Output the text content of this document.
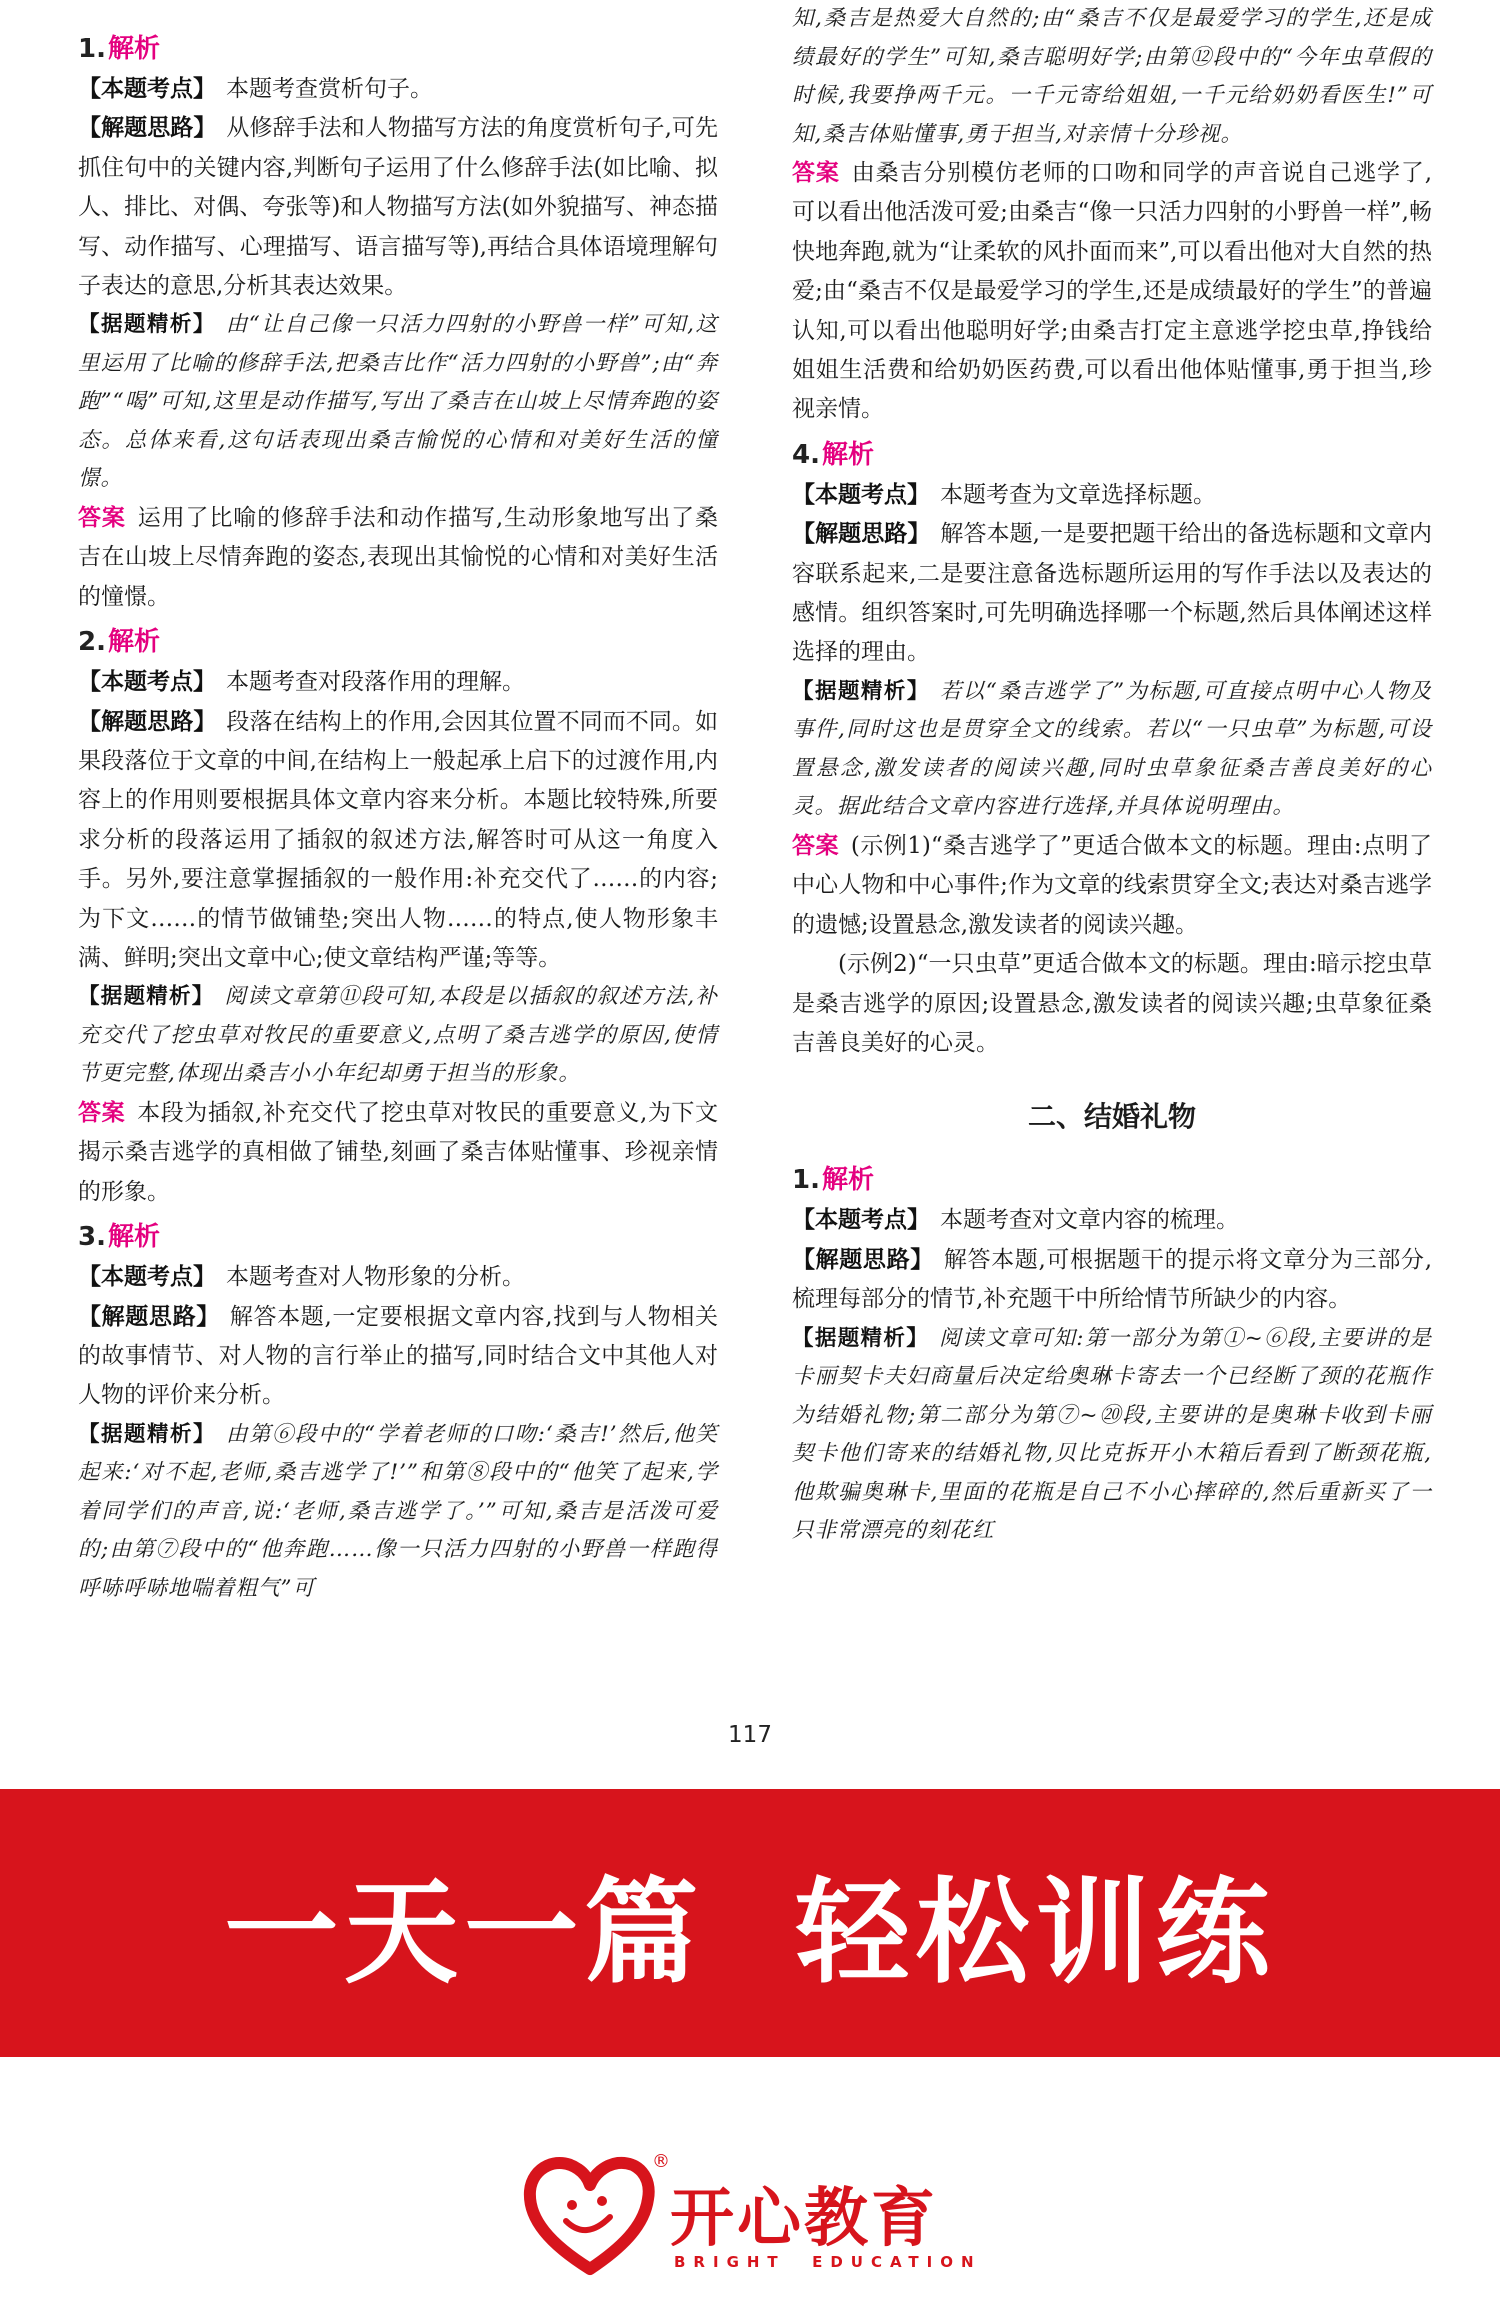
1.解析

【本题考点】 本题考查赏析句子。

【解题思路】 从修辞手法和人物描写方法的角度赏析句子,可先抓住句中的关键内容,判断句子运用了什么修辞手法(如比喻、拟人、排比、对偶、夸张等)和人物描写方法(如外貌描写、神态描写、动作描写、心理描写、语言描写等),再结合具体语境理解句子表达的意思,分析其表达效果。

【据题精析】 由“让自己像一只活力四射的小野兽一样”可知,这里运用了比喻的修辞手法,把桑吉比作“活力四射的小野兽”;由“奔跑”“喝”可知,这里是动作描写,写出了桑吉在山坡上尽情奔跑的姿态。总体来看,这句话表现出桑吉愉悦的心情和对美好生活的憧憬。

答案 运用了比喻的修辞手法和动作描写,生动形象地写出了桑吉在山坡上尽情奔跑的姿态,表现出其愉悦的心情和对美好生活的憧憬。

2.解析

【本题考点】 本题考查对段落作用的理解。

【解题思路】 段落在结构上的作用,会因其位置不同而不同。如果段落位于文章的中间,在结构上一般起承上启下的过渡作用,内容上的作用则要根据具体文章内容来分析。本题比较特殊,所要求分析的段落运用了插叙的叙述方法,解答时可从这一角度入手。另外,要注意掌握插叙的一般作用:补充交代了……的内容;为下文……的情节做铺垫;突出人物……的特点,使人物形象丰满、鲜明;突出文章中心;使文章结构严谨;等等。

【据题精析】 阅读文章第⑪段可知,本段是以插叙的叙述方法,补充交代了挖虫草对牧民的重要意义,点明了桑吉逃学的原因,使情节更完整,体现出桑吉小小年纪却勇于担当的形象。

答案 本段为插叙,补充交代了挖虫草对牧民的重要意义,为下文揭示桑吉逃学的真相做了铺垫,刻画了桑吉体贴懂事、珍视亲情的形象。

3.解析

【本题考点】 本题考查对人物形象的分析。

【解题思路】 解答本题,一定要根据文章内容,找到与人物相关的故事情节、对人物的言行举止的描写,同时结合文中其他人对人物的评价来分析。

【据题精析】 由第⑥段中的“学着老师的口吻:‘桑吉!’然后,他笑起来:‘对不起,老师,桑吉逃学了!’”和第⑧段中的“他笑了起来,学着同学们的声音,说:‘老师,桑吉逃学了。’”可知,桑吉是活泼可爱的;由第⑦段中的“他奔跑……像一只活力四射的小野兽一样跑得呼哧呼哧地喘着粗气”可

知,桑吉是热爱大自然的;由“桑吉不仅是最爱学习的学生,还是成绩最好的学生”可知,桑吉聪明好学;由第⑫段中的“今年虫草假的时候,我要挣两千元。一千元寄给姐姐,一千元给奶奶看医生!”可知,桑吉体贴懂事,勇于担当,对亲情十分珍视。

答案 由桑吉分别模仿老师的口吻和同学的声音说自己逃学了,可以看出他活泼可爱;由桑吉“像一只活力四射的小野兽一样”,畅快地奔跑,就为“让柔软的风扑面而来”,可以看出他对大自然的热爱;由“桑吉不仅是最爱学习的学生,还是成绩最好的学生”的普遍认知,可以看出他聪明好学;由桑吉打定主意逃学挖虫草,挣钱给姐姐生活费和给奶奶医药费,可以看出他体贴懂事,勇于担当,珍视亲情。

4.解析

【本题考点】 本题考查为文章选择标题。

【解题思路】 解答本题,一是要把题干给出的备选标题和文章内容联系起来,二是要注意备选标题所运用的写作手法以及表达的感情。组织答案时,可先明确选择哪一个标题,然后具体阐述这样选择的理由。

【据题精析】 若以“桑吉逃学了”为标题,可直接点明中心人物及事件,同时这也是贯穿全文的线索。若以“一只虫草”为标题,可设置悬念,激发读者的阅读兴趣,同时虫草象征桑吉善良美好的心灵。据此结合文章内容进行选择,并具体说明理由。

答案 (示例1)“桑吉逃学了”更适合做本文的标题。理由:点明了中心人物和中心事件;作为文章的线索贯穿全文;表达对桑吉逃学的遗憾;设置悬念,激发读者的阅读兴趣。

(示例2)“一只虫草”更适合做本文的标题。理由:暗示挖虫草是桑吉逃学的原因;设置悬念,激发读者的阅读兴趣;虫草象征桑吉善良美好的心灵。

二、结婚礼物
1.解析

【本题考点】 本题考查对文章内容的梳理。

【解题思路】 解答本题,可根据题干的提示将文章分为三部分,梳理每部分的情节,补充题干中所给情节所缺少的内容。

【据题精析】 阅读文章可知:第一部分为第①~⑥段,主要讲的是卡丽契卡夫妇商量后决定给奥琳卡寄去一个已经断了颈的花瓶作为结婚礼物;第二部分为第⑦~⑳段,主要讲的是奥琳卡收到卡丽契卡他们寄来的结婚礼物,贝比克拆开小木箱后看到了断颈花瓶,他欺骗奥琳卡,里面的花瓶是自己不小心摔碎的,然后重新买了一只非常漂亮的刻花红

117
一天一篇  轻松训练
®
开心教育
BRIGHT  EDUCATION
